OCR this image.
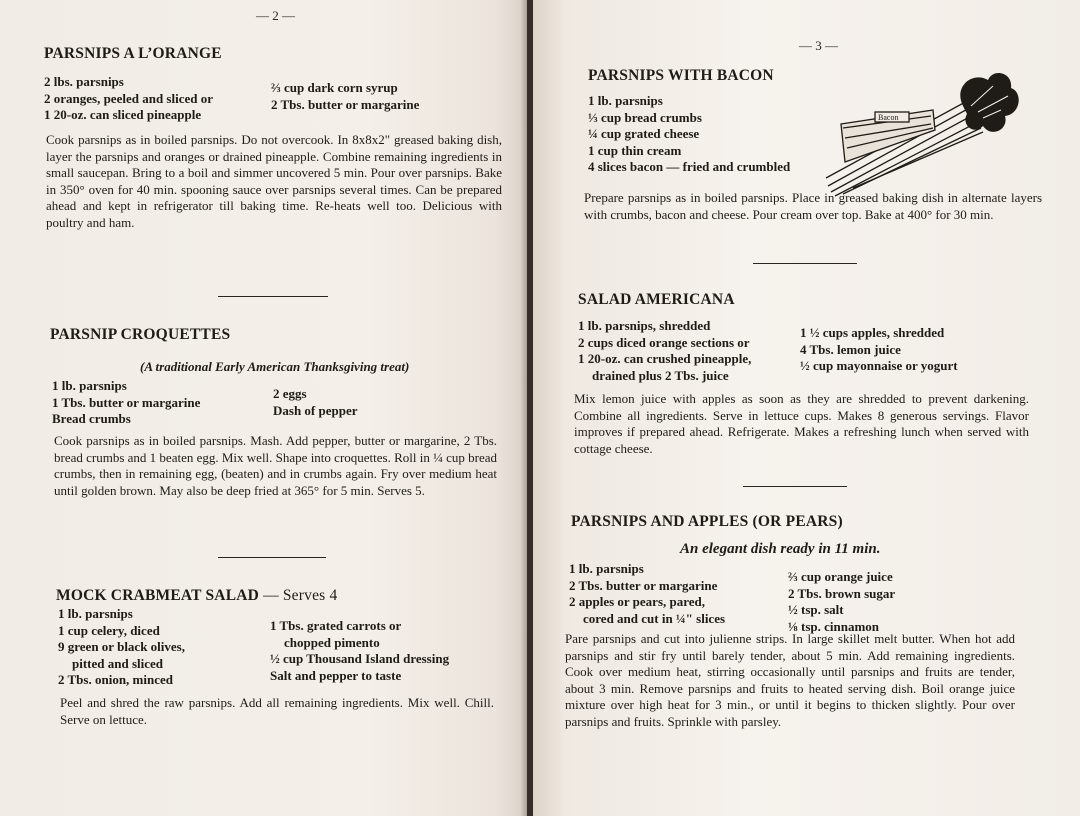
— 2 —
PARSNIPS A L’ORANGE
2 lbs. parsnips
2 oranges, peeled and sliced or
1 20-oz. can sliced pineapple
⅔ cup dark corn syrup
2 Tbs. butter or margarine
Cook parsnips as in boiled parsnips. Do not overcook. In 8x8x2" greased baking dish, layer the parsnips and oranges or drained pineapple. Combine remaining ingredients in small saucepan. Bring to a boil and simmer uncovered 5 min. Pour over parsnips. Bake in 350° oven for 40 min. spooning sauce over parsnips several times. Can be prepared ahead and kept in refrigerator till baking time. Re-heats well too. Delicious with poultry and ham.
PARSNIP CROQUETTES
(A traditional Early American Thanksgiving treat)
1 lb. parsnips
1 Tbs. butter or margarine
Bread crumbs
2 eggs
Dash of pepper
Cook parsnips as in boiled parsnips. Mash. Add pepper, butter or margarine, 2 Tbs. bread crumbs and 1 beaten egg. Mix well. Shape into croquettes. Roll in ¼ cup bread crumbs, then in remaining egg, (beaten) and in crumbs again. Fry over medium heat until golden brown. May also be deep fried at 365° for 5 min. Serves 5.
MOCK CRABMEAT SALAD — Serves 4
1 lb. parsnips
1 cup celery, diced
9 green or black olives,
pitted and sliced
2 Tbs. onion, minced
1 Tbs. grated carrots or
chopped pimento
½ cup Thousand Island dressing
Salt and pepper to taste
Peel and shred the raw parsnips. Add all remaining ingredients. Mix well. Chill. Serve on lettuce.
— 3 —
Bacon
PARSNIPS WITH BACON
1 lb. parsnips
⅓ cup bread crumbs
¼ cup grated cheese
1 cup thin cream
4 slices bacon — fried and crumbled
Prepare parsnips as in boiled parsnips. Place in greased baking dish in alternate layers with crumbs, bacon and cheese. Pour cream over top. Bake at 400° for 30 min.
SALAD AMERICANA
1 lb. parsnips, shredded
2 cups diced orange sections or
1 20-oz. can crushed pineapple,
drained plus 2 Tbs. juice
1 ½ cups apples, shredded
4 Tbs. lemon juice
½ cup mayonnaise or yogurt
Mix lemon juice with apples as soon as they are shredded to prevent darkening. Combine all ingredients. Serve in lettuce cups. Makes 8 generous servings. Flavor improves if prepared ahead. Refrigerate. Makes a refreshing lunch when served with cottage cheese.
PARSNIPS AND APPLES (OR PEARS)
An elegant dish ready in 11 min.
1 lb. parsnips
2 Tbs. butter or margarine
2 apples or pears, pared,
cored and cut in ¼" slices
⅔ cup orange juice
2 Tbs. brown sugar
½ tsp. salt
⅛ tsp. cinnamon
Pare parsnips and cut into julienne strips. In large skillet melt butter. When hot add parsnips and stir fry until barely tender, about 5 min. Add remaining ingredients. Cook over medium heat, stirring occasionally until parsnips and fruits are tender, about 3 min. Remove parsnips and fruits to heated serving dish. Boil orange juice mixture over high heat for 3 min., or until it begins to thicken slightly. Pour over parsnips and fruits. Sprinkle with parsley.
